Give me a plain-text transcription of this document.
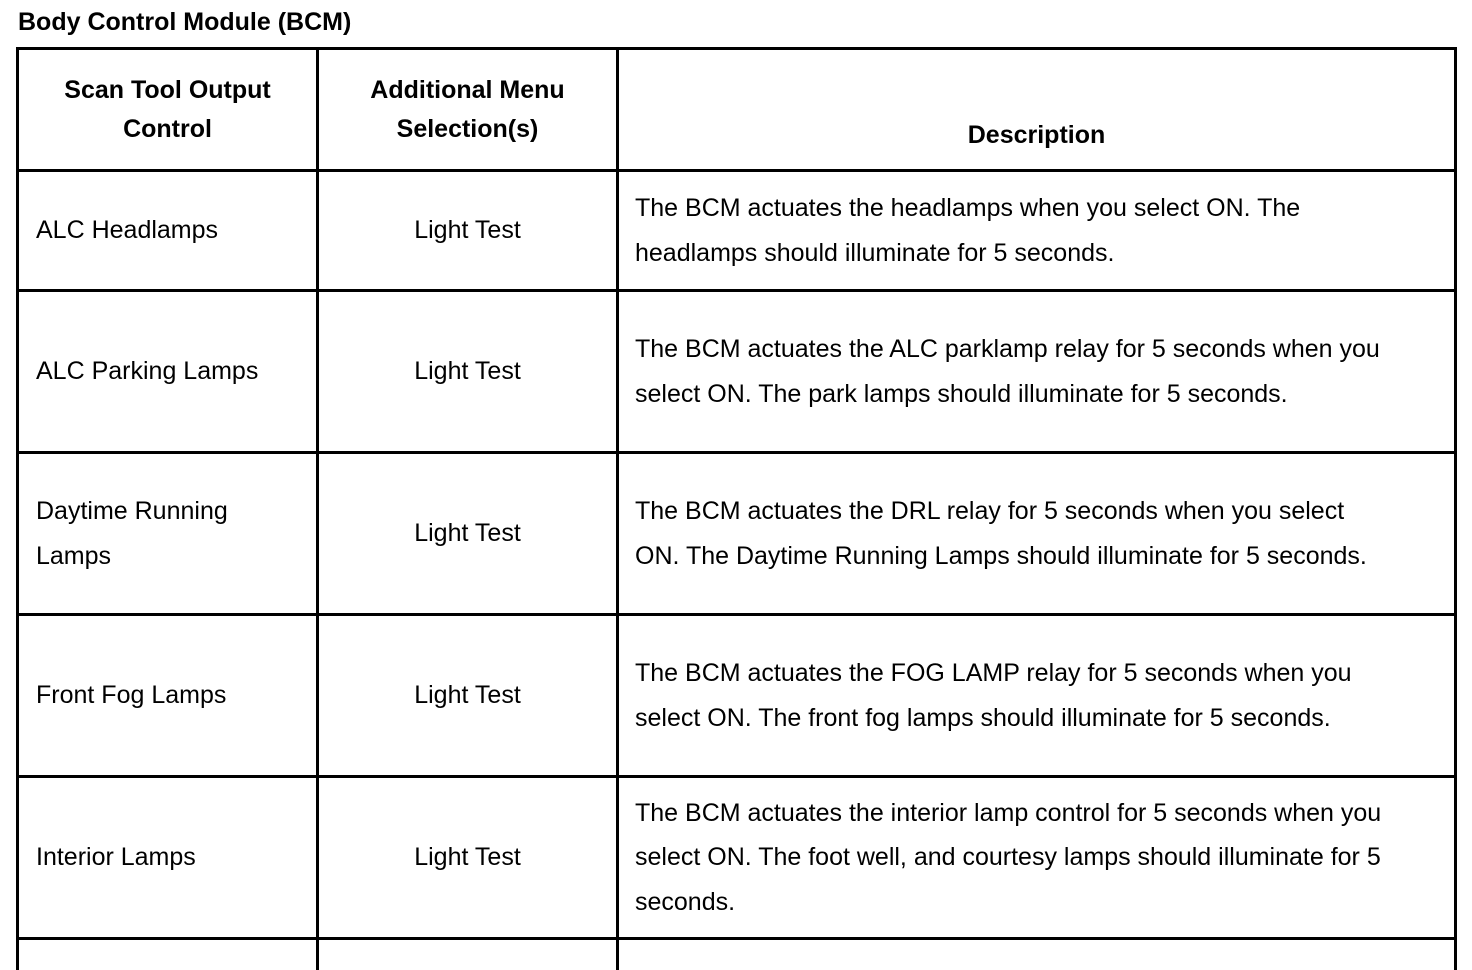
Body Control Module (BCM)
Scan Tool Output Control	Additional Menu Selection(s)	Description
ALC Headlamps	Light Test	The BCM actuates the headlamps when you select ON. The headlamps should illuminate for 5 seconds.
ALC Parking Lamps	Light Test	The BCM actuates the ALC parklamp relay for 5 seconds when you select ON. The park lamps should illuminate for 5 seconds.
Daytime Running Lamps	Light Test	The BCM actuates the DRL relay for 5 seconds when you select ON. The Daytime Running Lamps should illuminate for 5 seconds.
Front Fog Lamps	Light Test	The BCM actuates the FOG LAMP relay for 5 seconds when you select ON. The front fog lamps should illuminate for 5 seconds.
Interior Lamps	Light Test	The BCM actuates the interior lamp control for 5 seconds when you select ON. The foot well, and courtesy lamps should illuminate for 5 seconds.
